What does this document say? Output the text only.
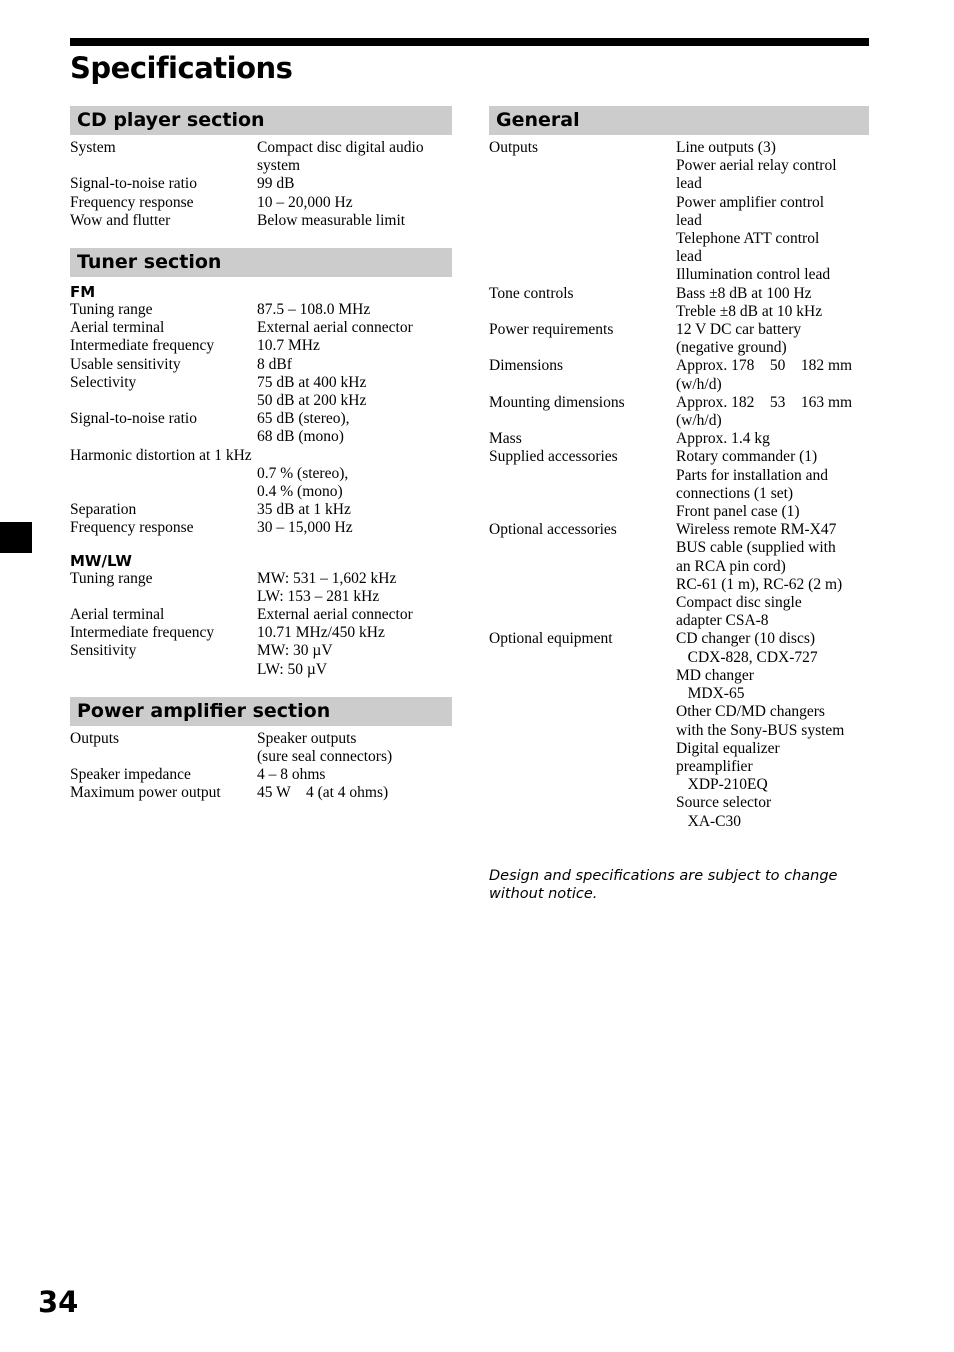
Specifications
CD player section
System	Compact disc digital audio
system
Signal-to-noise ratio	99 dB
Frequency response	10 – 20,000 Hz
Wow and flutter	Below measurable limit
Tuner section
FM
Tuning range	87.5 – 108.0 MHz
Aerial terminal	External aerial connector
Intermediate frequency	10.7 MHz
Usable sensitivity	8 dBf
Selectivity	75 dB at 400 kHz
50 dB at 200 kHz
Signal-to-noise ratio	65 dB (stereo),
68 dB (mono)
Harmonic distortion at 1 kHz
0.7 % (stereo),
0.4 % (mono)
Separation	35 dB at 1 kHz
Frequency response	30 – 15,000 Hz
MW/LW
Tuning range	MW: 531 – 1,602 kHz
LW: 153 – 281 kHz
Aerial terminal	External aerial connector
Intermediate frequency	10.71 MHz/450 kHz
Sensitivity	MW: 30 µV
LW: 50 µV
Power amplifier section
Outputs	Speaker outputs
(sure seal connectors)
Speaker impedance	4 – 8 ohms
Maximum power output	45 W    4 (at 4 ohms)
General
Outputs	Line outputs (3)
Power aerial relay control
lead
Power amplifier control
lead
Telephone ATT control
lead
Illumination control lead
Tone controls	Bass ±8 dB at 100 Hz
Treble ±8 dB at 10 kHz
Power requirements	12 V DC car battery
(negative ground)
Dimensions	Approx. 178    50    182 mm
(w/h/d)
Mounting dimensions	Approx. 182    53    163 mm
(w/h/d)
Mass	Approx. 1.4 kg
Supplied accessories	Rotary commander (1)
Parts for installation and
connections (1 set)
Front panel case (1)
Optional accessories	Wireless remote RM-X47
BUS cable (supplied with
an RCA pin cord)
RC-61 (1 m), RC-62 (2 m)
Compact disc single
adapter CSA-8
Optional equipment	CD changer (10 discs)
CDX-828, CDX-727
MD changer
MDX-65
Other CD/MD changers
with the Sony-BUS system
Digital equalizer
preamplifier
XDP-210EQ
Source selector
XA-C30
Design and specifications are subject to change
without notice.
34
